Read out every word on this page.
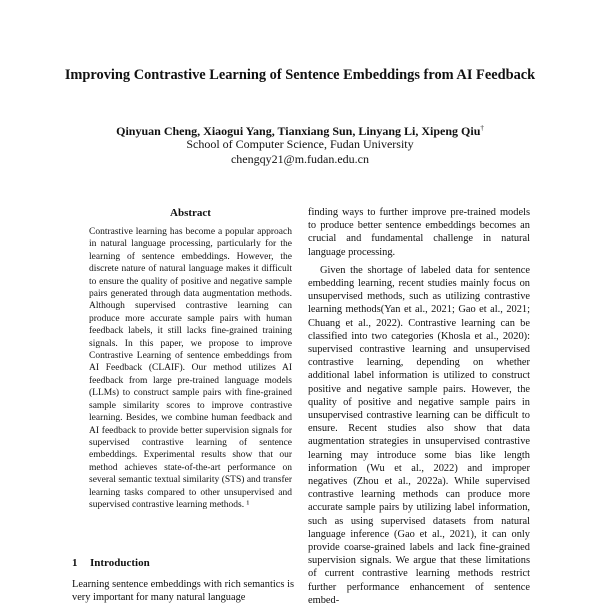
Improving Contrastive Learning of Sentence Embeddings from AI Feedback

Qinyuan Cheng, Xiaogui Yang, Tianxiang Sun, Linyang Li, Xipeng Qiu†

School of Computer Science, Fudan University

chengqy21@m.fudan.edu.cn

Abstract

Contrastive learning has become a popular approach in natural language processing, particularly for the learning of sentence embeddings. However, the discrete nature of natural language makes it difficult to ensure the quality of positive and negative sample pairs generated through data augmentation methods. Although supervised contrastive learning can produce more accurate sample pairs with human feedback labels, it still lacks fine-grained training signals. In this paper, we propose to improve Contrastive Learning of sentence embeddings from AI Feedback (CLAIF). Our method utilizes AI feedback from large pre-trained language models (LLMs) to construct sample pairs with fine-grained sample similarity scores to improve contrastive learning. Besides, we combine human feedback and AI feedback to provide better supervision signals for supervised contrastive learning of sentence embeddings. Experimental results show that our method achieves state-of-the-art performance on several semantic textual similarity (STS) and transfer learning tasks compared to other unsupervised and supervised contrastive learning methods. ¹

1 Introduction

Learning sentence embeddings with rich semantics is very important for many natural language

finding ways to further improve pre-trained models to produce better sentence embeddings becomes an crucial and fundamental challenge in natural language processing.

Given the shortage of labeled data for sentence embedding learning, recent studies mainly focus on unsupervised methods, such as utilizing contrastive learning methods(Yan et al., 2021; Gao et al., 2021; Chuang et al., 2022). Contrastive learning can be classified into two categories (Khosla et al., 2020): supervised contrastive learning and unsupervised contrastive learning, depending on whether additional label information is utilized to construct positive and negative sample pairs. However, the quality of positive and negative sample pairs in unsupervised contrastive learning can be difficult to ensure. Recent studies also show that data augmentation strategies in unsupervised contrastive learning may introduce some bias like length information (Wu et al., 2022) and improper negatives (Zhou et al., 2022a). While supervised contrastive learning methods can produce more accurate sample pairs by utilizing label information, such as using supervised datasets from natural language inference (Gao et al., 2021), it can only provide coarse-grained labels and lack fine-grained supervision signals. We argue that these limitations of current contrastive learning methods restrict further performance enhancement of sentence embed-
